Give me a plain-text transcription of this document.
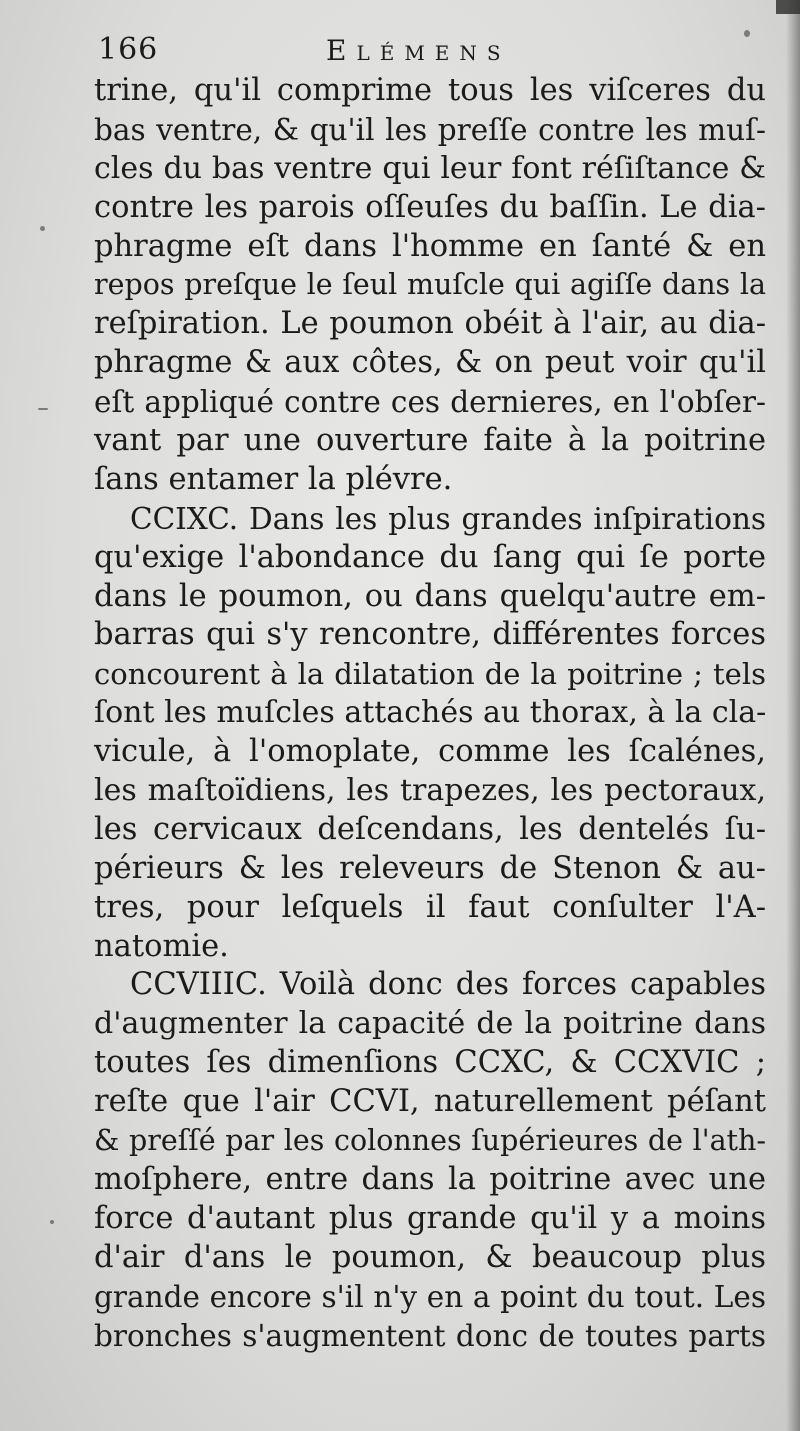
166	Elémens
trine, qu'il comprime tous les viſceres du
bas ventre, & qu'il les preſſe contre les muſ-
cles du bas ventre qui leur font réſiſtance &
contre les parois oſſeuſes du baſſin. Le dia-
phragme eſt dans l'homme en ſanté & en
repos preſque le ſeul muſcle qui agiſſe dans la
reſpiration. Le poumon obéit à l'air, au dia-
phragme & aux côtes, & on peut voir qu'il
eſt appliqué contre ces dernieres, en l'obſer-
vant par une ouverture faite à la poitrine
ſans entamer la plévre.
CCIXC. Dans les plus grandes inſpirations
qu'exige l'abondance du ſang qui ſe porte
dans le poumon, ou dans quelqu'autre em-
barras qui s'y rencontre, différentes forces
concourent à la dilatation de la poitrine ; tels
ſont les muſcles attachés au thorax, à la cla-
vicule, à l'omoplate, comme les ſcalénes,
les maſtoïdiens, les trapezes, les pectoraux,
les cervicaux deſcendans, les dentelés ſu-
périeurs & les releveurs de Stenon & au-
tres, pour leſquels il faut conſulter l'A-
natomie.
CCVIIIC. Voilà donc des forces capables
d'augmenter la capacité de la poitrine dans
toutes ſes dimenſions CCXC, & CCXVIC ;
reſte que l'air CCVI, naturellement péſant
& preſſé par les colonnes ſupérieures de l'ath-
moſphere, entre dans la poitrine avec une
force d'autant plus grande qu'il y a moins
d'air d'ans le poumon, & beaucoup plus
grande encore s'il n'y en a point du tout. Les
bronches s'augmentent donc de toutes parts
